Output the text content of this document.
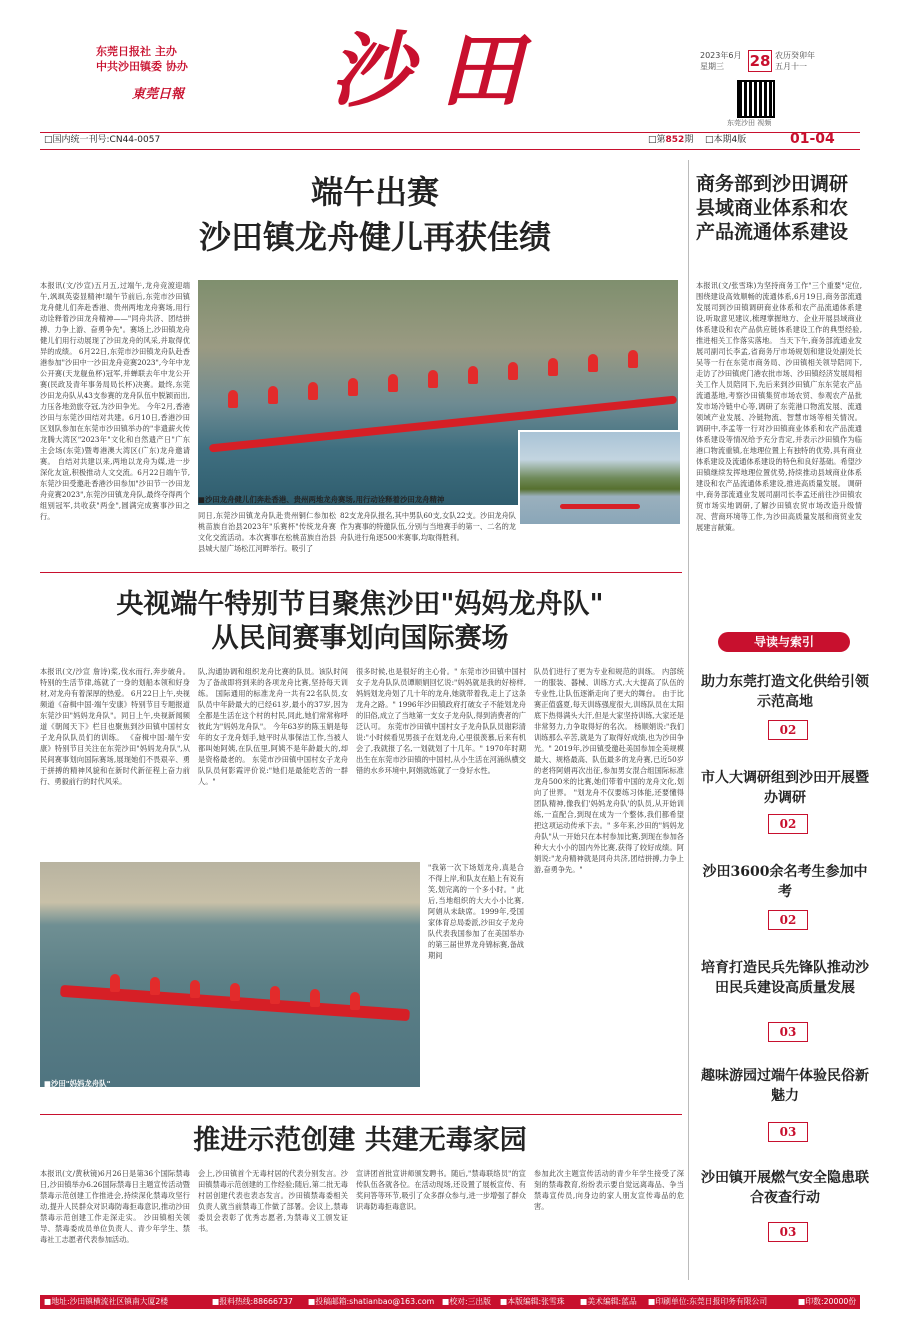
东莞日报社 主办
中共沙田镇委 协办
東莞日報 沙田	2023年6月
星期三	28 农历癸卯年
五月十一
东莞沙田 视频
□国内统一刊号:CN44-0057	□第852期 □本期4版	01-04
端午出赛
沙田镇龙舟健儿再获佳绩
本报讯(文/沙宣)五月五,过端午,龙舟竞渡迎端午,飒飒英姿显精神!端午节前后,东莞市沙田镇龙舟健儿们奔赴香港、贵州两地龙舟赛场,用行动诠释着沙田龙舟精神——"同舟共济、团结拼搏、力争上游、奋勇争先"。赛场上,沙田镇龙舟健儿们用行动展现了沙田龙舟的风采,并取得优异的成绩。 6月22日,东莞市沙田镇龙舟队赴香港参加"沙田中一沙田龙舟竞赛2023",今年中龙公开赛(天龙舰鱼杯)冠军,并蝉联去年中龙公开赛(民政及青年事务局局长杯)决赛。最终,东莞沙田龙舟队从43支参赛的龙舟队伍中脱颖而出,力压各地劲旅夺冠,为沙田争光。 今年2月,香港沙田与东莞沙田结对共建。6月10日,香港沙田区划队参加在东莞市沙田镇举办的"非遗薪火传 龙腾大湾区"2023年"文化和自然遗产日"广东主会场(东莞)暨粤港澳大湾区(广东)龙舟邀请赛。 自结对共建以来,两地以龙舟为媒,进一步深化友谊,积极推动人文交流。6月22日端午节,东莞沙田受邀赴香港沙田参加"沙田节一沙田龙舟竞赛2023",东莞沙田镇龙舟队,最终夺得两个组别冠军,共收获"两金",圆满完成赛事沙田之行。
■沙田龙舟健儿们奔赴香港、贵州两地龙舟赛场,用行动诠释着沙田龙舟精神
同日,东莞沙田镇龙舟队赴贵州铜仁参加松桃苗族自治县2023年"乐赛杯"传统龙舟赛文化交流活动。本次赛事在松桃苗族自治县县城大屋广场松江河畔举行。吸引了
82支龙舟队报名,其中男队60支,女队22支。沙田龙舟队作为赛事的特邀队伍,分别与当地赛手的第一、二名的龙舟队进行角逐500米赛事,均取得胜利。
商务部到沙田调研县域商业体系和农产品流通体系建设
本报讯(文/张雪珠)为坚持商务工作"三个重要"定位,围绕建设高效顺畅的流通体系,6月19日,商务部流通发展司到沙田镇调研商业体系和农产品流通体系建设,听取意见建议,梳理掌握地方、企业开展县域商业体系建设和农产品供应链体系建设工作的典型经验,推进相关工作落实落地。 当天下午,商务部流通业发展司副司长李孟,省商务厅市场规划和建设处副处长吴等一行在东莞市商务局、沙田镇相关领导陪同下,走访了沙田镇虎门港农批市场、沙田镇经济发展局相关工作人员陪同下,先后来到沙田镇广东东莞农产品流通基地,考察沙田镇集贸市场农贸、参观农产品批发市场冷链中心等,调研了东莞港口物流发展、流通领域产业发展、冷链物流、智慧市场等相关情况。 调研中,李孟等一行对沙田镇商业体系和农产品流通体系建设等情况给予充分肯定,并表示沙田镇作为临港口物流重镇,在地理位置上有独特的优势,具有商业体系建设及流通体系建设的特色和良好基础。希望沙田镇继续发挥地理位置优势,持续推动县域商业体系建设和农产品流通体系建设,推进高质量发展。 调研中,商务部流通业发展司副司长李孟还前往沙田镇农贸市场实地调研,了解沙田镇农贸市场改造升级情况、营商环境等工作,为沙田高质量发展和商贸业发展建言献策。
央视端午特别节目聚焦沙田"妈妈龙舟队"
从民间赛事划向国际赛场
本报讯(文/沙宣 詹诗)桨,伐水而行,奔步破舟。特别的生活节律,练就了一身的划船本领和好身材,对龙舟有着深厚的热爱。 6月22日上午,央视频道《奋楫中国·端午安康》特别节目专题报道东莞沙田"妈妈龙舟队"。同日上午,央视新闻频道《朝闻天下》栏目也聚焦到沙田镇中国村女子龙舟队队员们的训练。 《奋楫中国·端午安康》特别节目关注在东莞沙田"妈妈龙舟队",从民间赛事划向国际赛场,展现她们不畏艰辛、勇于拼搏的精神风貌和在新时代新征程上奋力前行、勇毅前行的时代风采。
队,沟通协调和组织龙舟比赛的队员。该队时间为了备战即将到来的各项龙舟比赛,坚持每天训练。 国际通用的标准龙舟一共有22名队员,女队员中年龄最大的已经61岁,最小的37岁,因为全都是生活在这个村的村民,同此,她们常常称呼彼此为"妈妈龙舟队"。 今年63岁的陈玉娟是每年的女子龙舟划手,她平时从事保洁工作,当被人都叫她阿姨,在队伍里,阿姨不是年龄最大的,却是资格最老的。 东莞市沙田镇中国村女子龙舟队队员何影霞评价说:"她们是最能吃苦的一群人。"
很多时候,也是很好的主心骨。" 东莞市沙田镇中国村女子龙舟队队员谭顺娟回忆说:"妈妈就是我的好榜样,妈妈划龙舟划了几十年的龙舟,她就带着我,走上了这条龙舟之路。" 1996年沙田镇政府打破女子不能划龙舟的旧俗,成立了当地第一支女子龙舟队,得到消费者的广泛认可。 东莞市沙田镇中国村女子龙舟队队员谢彩清说:"小时候看见男孩子在划龙舟,心里很羡慕,后来有机会了,我就报了名,一划就划了十几年。" 1970年时期出生在东莞市沙田镇的中国村,从小生活在河涌纵横交错的水乡环境中,阿娟就练就了一身好水性。
队员们进行了更为专业和规范的训练。 内部统一的服装、器械、训练方式,大大提高了队伍的专业性,让队伍逐渐走向了更大的舞台。 由于比赛正值盛夏,每天训练强度很大,训练队员在太阳底下热得满头大汗,但是大家坚持训练,大家还是非常努力,力争取得好的名次。 杨顺娟说:"我们训练那么辛苦,就是为了取得好成绩,也为沙田争光。" 2019年,沙田镇受邀赴美国参加全美规模最大、规格最高、队伍最多的龙舟赛,已近50岁的老将阿娟再次出征,参加男女混合组国际标准龙舟500米的比赛,她们带着中国的龙舟文化,划向了世界。 "划龙舟不仅要练习体能,还要懂得团队精神,像我们'妈妈龙舟队'的队员,从开始训练,一直配合,到现在成为一个整体,我们都希望把这项运动传承下去。" 多年来,沙田的"妈妈龙舟队"从一开始只在本村参加比赛,到现在参加各种大大小小的国内外比赛,获得了较好成绩。阿娟说:"龙舟精神就是同舟共济,团结拼搏,力争上游,奋勇争先。"
■沙田"妈妈龙舟队"
"我第一次下场划龙舟,真是合不得上岸,和队友在船上有说有笑,划完离的一个多小时。" 此后,当地组织的大大小小比赛,阿娟从未缺席。1999年,受国家体育总局委派,沙田女子龙舟队代表我国参加了在美国举办的第三届世界龙舟锦标赛,备战期间
推进示范创建 共建无毒家园
本报讯(文/黄秋镜)6月26日是第36个国际禁毒日,沙田镇举办6.26国际禁毒日主题宣传活动暨禁毒示范创建工作推进会,持续深化禁毒攻坚行动,提升人民群众对识毒防毒拒毒意识,推动沙田禁毒示范创建工作走深走实。 沙田镇相关领导、禁毒委成员单位负责人、青少年学生、禁毒社工志愿者代表参加活动。
会上,沙田镇首个无毒村居的代表分别发言。沙田镇禁毒示范创建的工作经验;随后,第二批无毒村居创建代表也表态发言。沙田镇禁毒委相关负责人就当前禁毒工作做了部署。会议上,禁毒委员会表彰了优秀志愿者,为禁毒义工颁发证书。
宣讲团首批宣讲师颁发聘书。随后,"禁毒联络员"的宣传队伍各就各位。在活动现场,还设置了展板宣传、有奖问答等环节,吸引了众多群众参与,进一步增强了群众识毒防毒拒毒意识。
参加此次主题宣传活动的青少年学生接受了深刻的禁毒教育,纷纷表示要自觉远离毒品、争当禁毒宣传员,向身边的家人朋友宣传毒品的危害。
导读与索引
助力东莞打造文化供给引领示范高地
02
市人大调研组到沙田开展暨办调研
02
沙田3600余名考生参加中考
02
培育打造民兵先锋队推动沙田民兵建设高质量发展
03
趣味游园过端午体验民俗新魅力
03
沙田镇开展燃气安全隐患联合夜查行动
03
■地址:沙田镇横流社区镇南大厦2楼	■报料热线:88666737 ■投稿邮箱:shatianbao@163.com ■校对:三出版 ■本版编辑:张雪珠 ■美术编辑:蓝品 ■印刷单位:东莞日报印务有限公司	■印数:20000份
